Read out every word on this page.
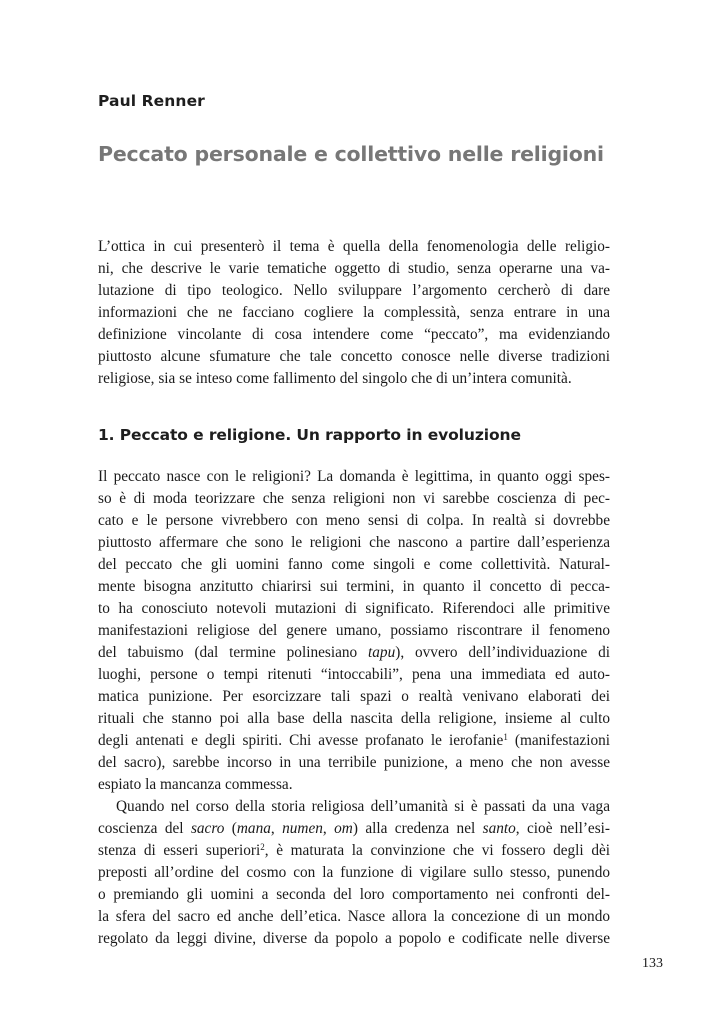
Paul Renner
Peccato personale e collettivo nelle religioni
L’ottica in cui presenterò il tema è quella della fenomenologia delle religio-
ni, che descrive le varie tematiche oggetto di studio, senza operarne una va-
lutazione di tipo teologico. Nello sviluppare l’argomento cercherò di dare
informazioni che ne facciano cogliere la complessità, senza entrare in una
definizione vincolante di cosa intendere come “peccato”, ma evidenziando
piuttosto alcune sfumature che tale concetto conosce nelle diverse tradizioni
religiose, sia se inteso come fallimento del singolo che di un’intera comunità.
1. Peccato e religione. Un rapporto in evoluzione
Il peccato nasce con le religioni? La domanda è legittima, in quanto oggi spes-
so è di moda teorizzare che senza religioni non vi sarebbe coscienza di pec-
cato e le persone vivrebbero con meno sensi di colpa. In realtà si dovrebbe
piuttosto affermare che sono le religioni che nascono a partire dall’esperienza
del peccato che gli uomini fanno come singoli e come collettività. Natural-
mente bisogna anzitutto chiarirsi sui termini, in quanto il concetto di pecca-
to ha conosciuto notevoli mutazioni di significato. Riferendoci alle primitive
manifestazioni religiose del genere umano, possiamo riscontrare il fenomeno
del tabuismo (dal termine polinesiano tapu), ovvero dell’individuazione di
luoghi, persone o tempi ritenuti “intoccabili”, pena una immediata ed auto-
matica punizione. Per esorcizzare tali spazi o realtà venivano elaborati dei
rituali che stanno poi alla base della nascita della religione, insieme al culto
degli antenati e degli spiriti. Chi avesse profanato le ierofanie$^1$ (manifestazioni
del sacro), sarebbe incorso in una terribile punizione, a meno che non avesse
espiato la mancanza commessa.
Quando nel corso della storia religiosa dell’umanità si è passati da una vaga
coscienza del sacro (mana, numen, om) alla credenza nel santo, cioè nell’esi-
stenza di esseri superiori$^2$, è maturata la convinzione che vi fossero degli dèi
preposti all’ordine del cosmo con la funzione di vigilare sullo stesso, punendo
o premiando gli uomini a seconda del loro comportamento nei confronti del-
la sfera del sacro ed anche dell’etica. Nasce allora la concezione di un mondo
regolato da leggi divine, diverse da popolo a popolo e codificate nelle diverse
133
